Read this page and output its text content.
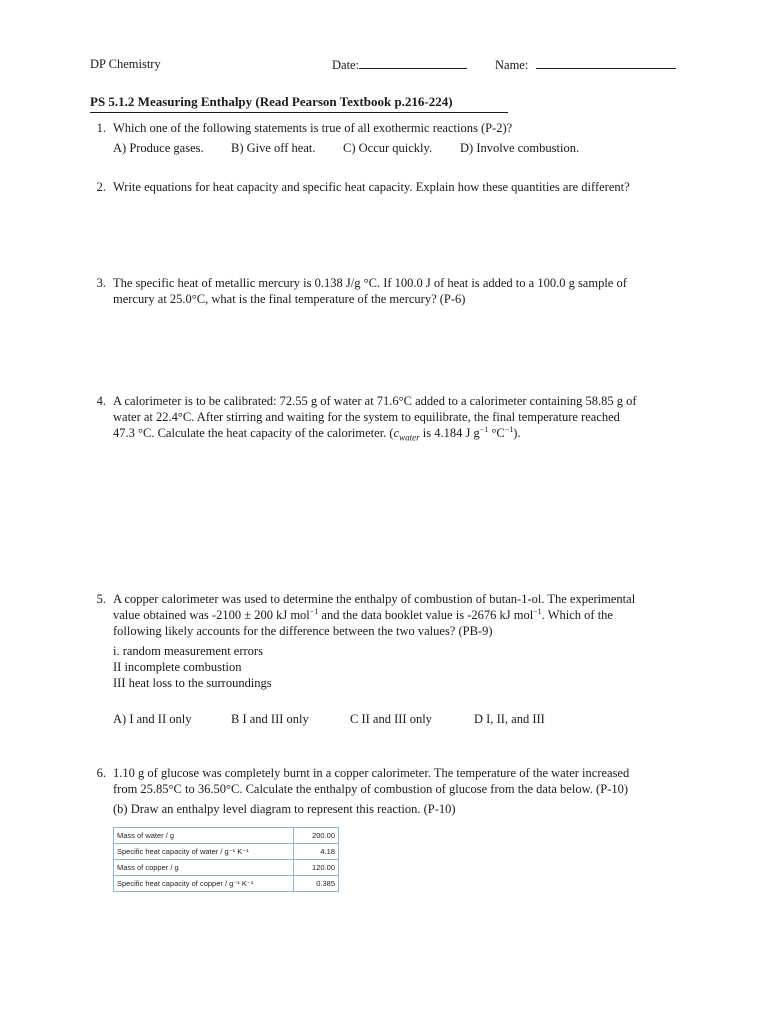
DP Chemistry	Date:	Name:
PS 5.1.2 Measuring Enthalpy (Read Pearson Textbook p.216-224)
1. Which one of the following statements is true of all exothermic reactions (P-2)?
A) Produce gases. B) Give off heat. C) Occur quickly. D) Involve combustion.
2. Write equations for heat capacity and specific heat capacity. Explain how these quantities are different?
3. The specific heat of metallic mercury is 0.138 J/g °C. If 100.0 J of heat is added to a 100.0 g sample of
mercury at 25.0°C, what is the final temperature of the mercury? (P-6)
4. A calorimeter is to be calibrated: 72.55 g of water at 71.6°C added to a calorimeter containing 58.85 g of
water at 22.4°C. After stirring and waiting for the system to equilibrate, the final temperature reached
47.3 °C. Calculate the heat capacity of the calorimeter. ($c_{water}$ is 4.184 J $g^{-1}$ $^\circ C^{-1}$).
5. A copper calorimeter was used to determine the enthalpy of combustion of butan-1-ol. The experimental
value obtained was -2100 ± 200 kJ mol$^{-1}$ and the data booklet value is -2676 kJ mol$^{-1}$. Which of the
following likely accounts for the difference between the two values? (PB-9)
i. random measurement errors
II incomplete combustion
III heat loss to the surroundings
A) I and II only	B I and III only	C II and III only	D I, II, and III
6. 1.10 g of glucose was completely burnt in a copper calorimeter. The temperature of the water increased
from 25.85°C to 36.50°C. Calculate the enthalpy of combustion of glucose from the data below. (P-10)
(b) Draw an enthalpy level diagram to represent this reaction. (P-10)
Mass of water / g	200.00
Specific heat capacity of water / g⁻¹ K⁻¹	4.18
Mass of copper / g	120.00
Specific heat capacity of copper / g⁻¹ K⁻¹	0.385
